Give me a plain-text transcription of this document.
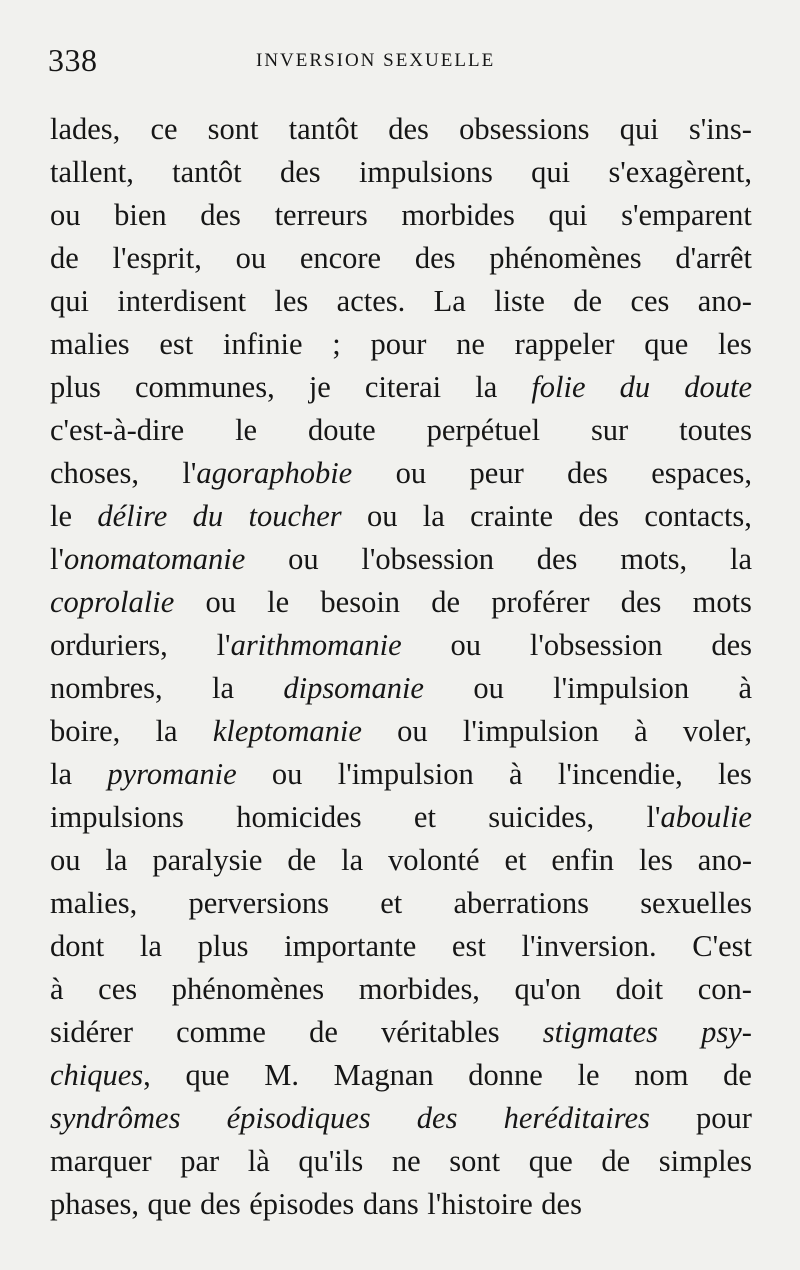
338	INVERSION SEXUELLE
lades, ce sont tantôt des obsessions qui s'ins-
tallent, tantôt des impulsions qui s'exagèrent,
ou bien des terreurs morbides qui s'emparent
de l'esprit, ou encore des phénomènes d'arrêt
qui interdisent les actes. La liste de ces ano-
malies est infinie ; pour ne rappeler que les
plus communes, je citerai la folie du doute
c'est-à-dire le doute perpétuel sur toutes
choses, l'agoraphobie ou peur des espaces,
le délire du toucher ou la crainte des contacts,
l'onomatomanie ou l'obsession des mots, la
coprolalie ou le besoin de proférer des mots
orduriers, l'arithmomanie ou l'obsession des
nombres, la dipsomanie ou l'impulsion à
boire, la kleptomanie ou l'impulsion à voler,
la pyromanie ou l'impulsion à l'incendie, les
impulsions homicides et suicides, l'aboulie
ou la paralysie de la volonté et enfin les ano-
malies, perversions et aberrations sexuelles
dont la plus importante est l'inversion. C'est
à ces phénomènes morbides, qu'on doit con-
sidérer comme de véritables stigmates psy-
chiques, que M. Magnan donne le nom de
syndrômes épisodiques des heréditaires pour
marquer par là qu'ils ne sont que de simples
phases, que des épisodes dans l'histoire des
